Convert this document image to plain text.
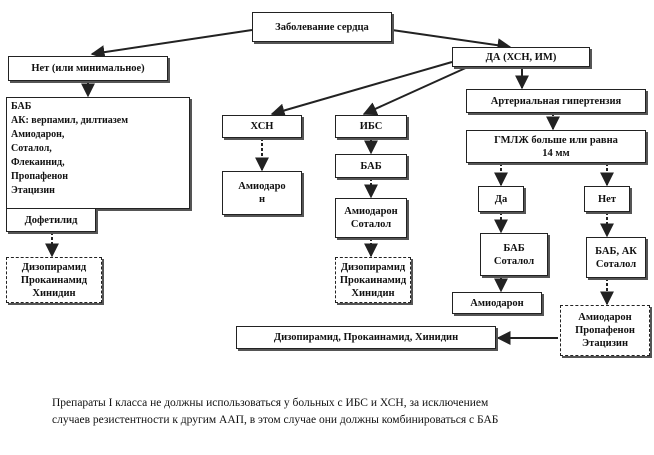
Заболевание сердца
Нет (или минимальное)
ДА (ХСН, ИМ)
БАБ
АК: верпамил, дилтиазем
Амиодарон,
Соталол,
Флекаинид,
Пропафенон
Этацизин
Дофетилид
Дизопирамид
Прокаинамид
Хинидин
ХСН
Амиодаро
н
ИБС
БАБ
Амиодарон
Соталол
Дизопирамид
Прокаинамид
Хинидин
Артериальная гипертензия
ГМЛЖ больше или равна
14 мм
Да	Нет
БАБ
Соталол
БАБ, АК
Соталол
Амиодарон
Амиодарон
Пропафенон
Этацизин
Дизопирамид, Прокаинамид, Хинидин
Препараты I класса не должны использоваться у больных с ИБС и ХСН, за исключением
случаев резистентности к другим ААП, в этом случае они должны комбинироваться с БАБ
